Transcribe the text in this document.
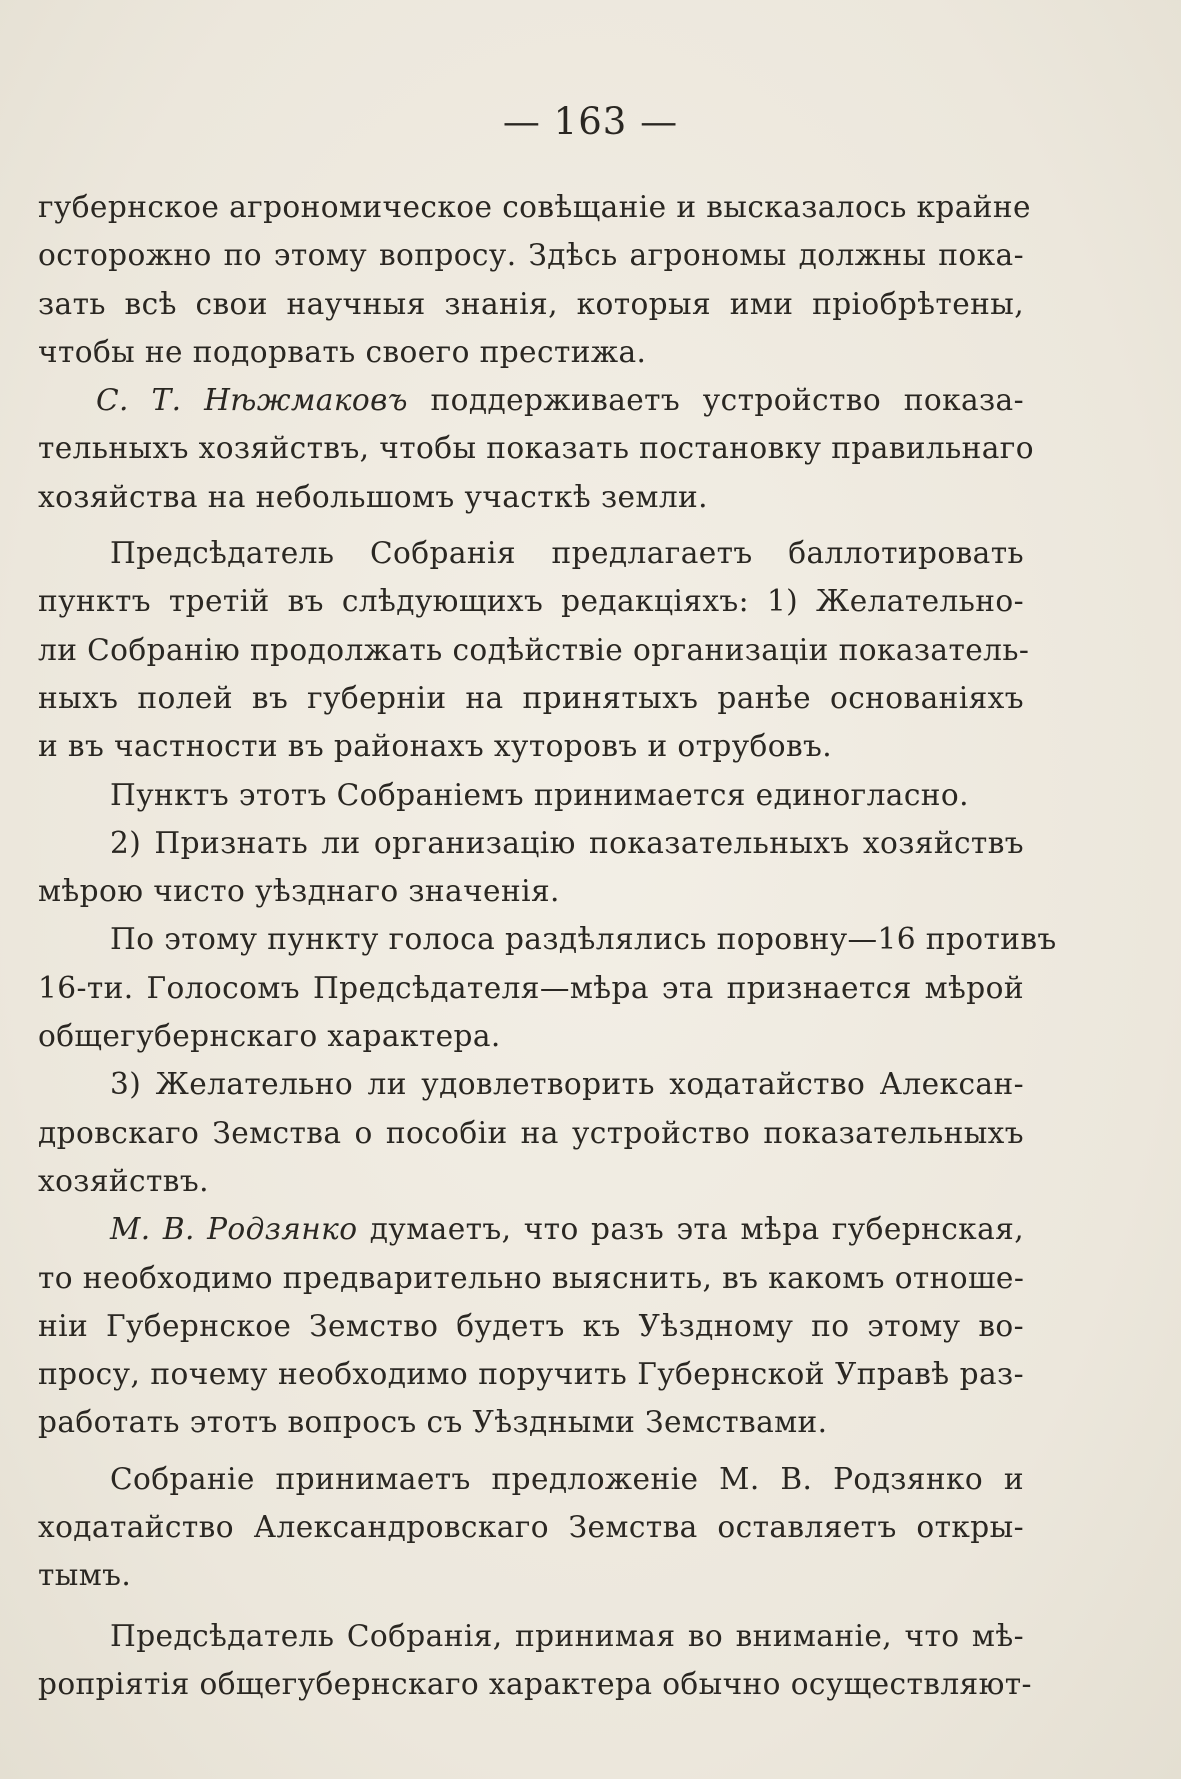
— 163 —
губернское агрономическое совѣщаніе и высказалось крайне
осторожно по этому вопросу. Здѣсь агрономы должны пока-
зать всѣ свои научныя знанія, которыя ими пріобрѣтены,
чтобы не подорвать своего престижа.
С. Т. Нѣжмаковъ поддерживаетъ устройство показа-
тельныхъ хозяйствъ, чтобы показать постановку правильнаго
хозяйства на небольшомъ участкѣ земли.
Предсѣдатель Собранія предлагаетъ баллотировать
пунктъ третій въ слѣдующихъ редакціяхъ: 1) Желательно-
ли Собранію продолжать содѣйствіе организаціи показатель-
ныхъ полей въ губерніи на принятыхъ ранѣе основаніяхъ
и въ частности въ районахъ хуторовъ и отрубовъ.
Пунктъ этотъ Собраніемъ принимается единогласно.
2) Признать ли организацію показательныхъ хозяйствъ
мѣрою чисто уѣзднаго значенія.
По этому пункту голоса раздѣлялись поровну—16 противъ
16-ти. Голосомъ Предсѣдателя—мѣра эта признается мѣрой
общегубернскаго характера.
3) Желательно ли удовлетворить ходатайство Алексан-
дровскаго Земства о пособіи на устройство показательныхъ
хозяйствъ.
М. В. Родзянко думаетъ, что разъ эта мѣра губернская,
то необходимо предварительно выяснить, въ какомъ отноше-
ніи Губернское Земство будетъ къ Уѣздному по этому во-
просу, почему необходимо поручить Губернской Управѣ раз-
работать этотъ вопросъ съ Уѣздными Земствами.
Собраніе принимаетъ предложеніе М. В. Родзянко и
ходатайство Александровскаго Земства оставляетъ откры-
тымъ.
Предсѣдатель Собранія, принимая во вниманіе, что мѣ-
ропріятія общегубернскаго характера обычно осуществляют-
